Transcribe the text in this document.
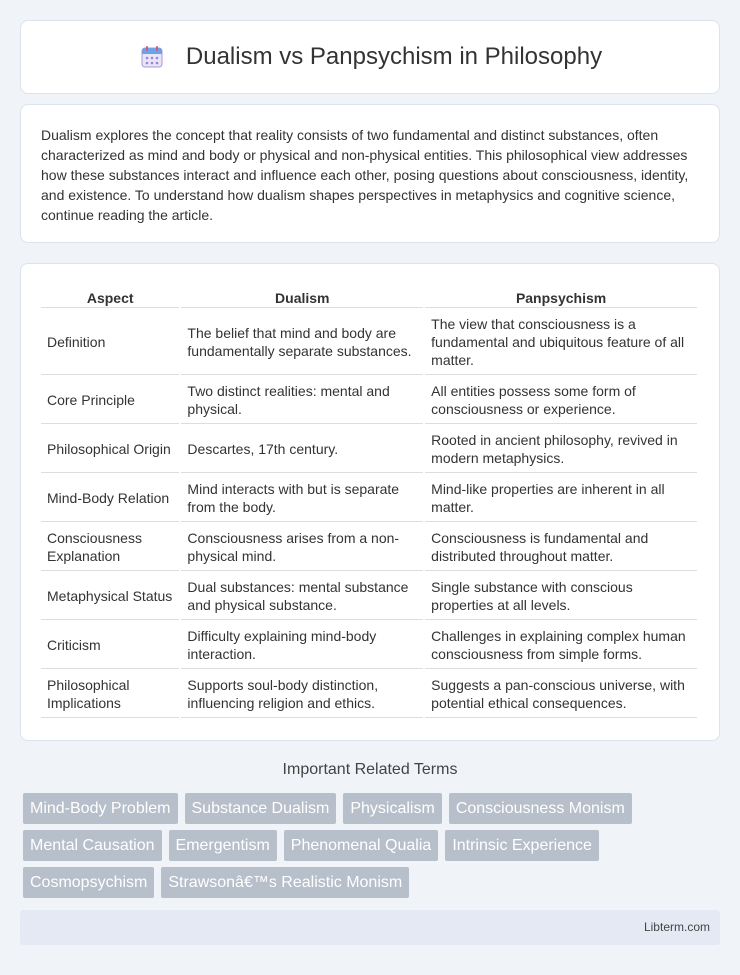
Dualism vs Panpsychism in Philosophy

Dualism explores the concept that reality consists of two fundamental and distinct substances, often characterized as mind and body or physical and non-physical entities. This philosophical view addresses how these substances interact and influence each other, posing questions about consciousness, identity, and existence. To understand how dualism shapes perspectives in metaphysics and cognitive science, continue reading the article.

Aspect	Dualism	Panpsychism
Definition	The belief that mind and body are fundamentally separate substances.	The view that consciousness is a fundamental and ubiquitous feature of all matter.
Core Principle	Two distinct realities: mental and physical.	All entities possess some form of consciousness or experience.
Philosophical Origin	Descartes, 17th century.	Rooted in ancient philosophy, revived in modern metaphysics.
Mind-Body Relation	Mind interacts with but is separate from the body.	Mind-like properties are inherent in all matter.
Consciousness Explanation	Consciousness arises from a non-physical mind.	Consciousness is fundamental and distributed throughout matter.
Metaphysical Status	Dual substances: mental substance and physical substance.	Single substance with conscious properties at all levels.
Criticism	Difficulty explaining mind-body interaction.	Challenges in explaining complex human consciousness from simple forms.
Philosophical Implications	Supports soul-body distinction, influencing religion and ethics.	Suggests a pan-conscious universe, with potential ethical consequences.
Important Related Terms
Mind-Body Problem	Substance Dualism	Physicalism	Consciousness Monism
Mental Causation	Emergentism	Phenomenal Qualia	Intrinsic Experience
Cosmopsychism	Strawsonâ€™s Realistic Monism
Libterm.com
